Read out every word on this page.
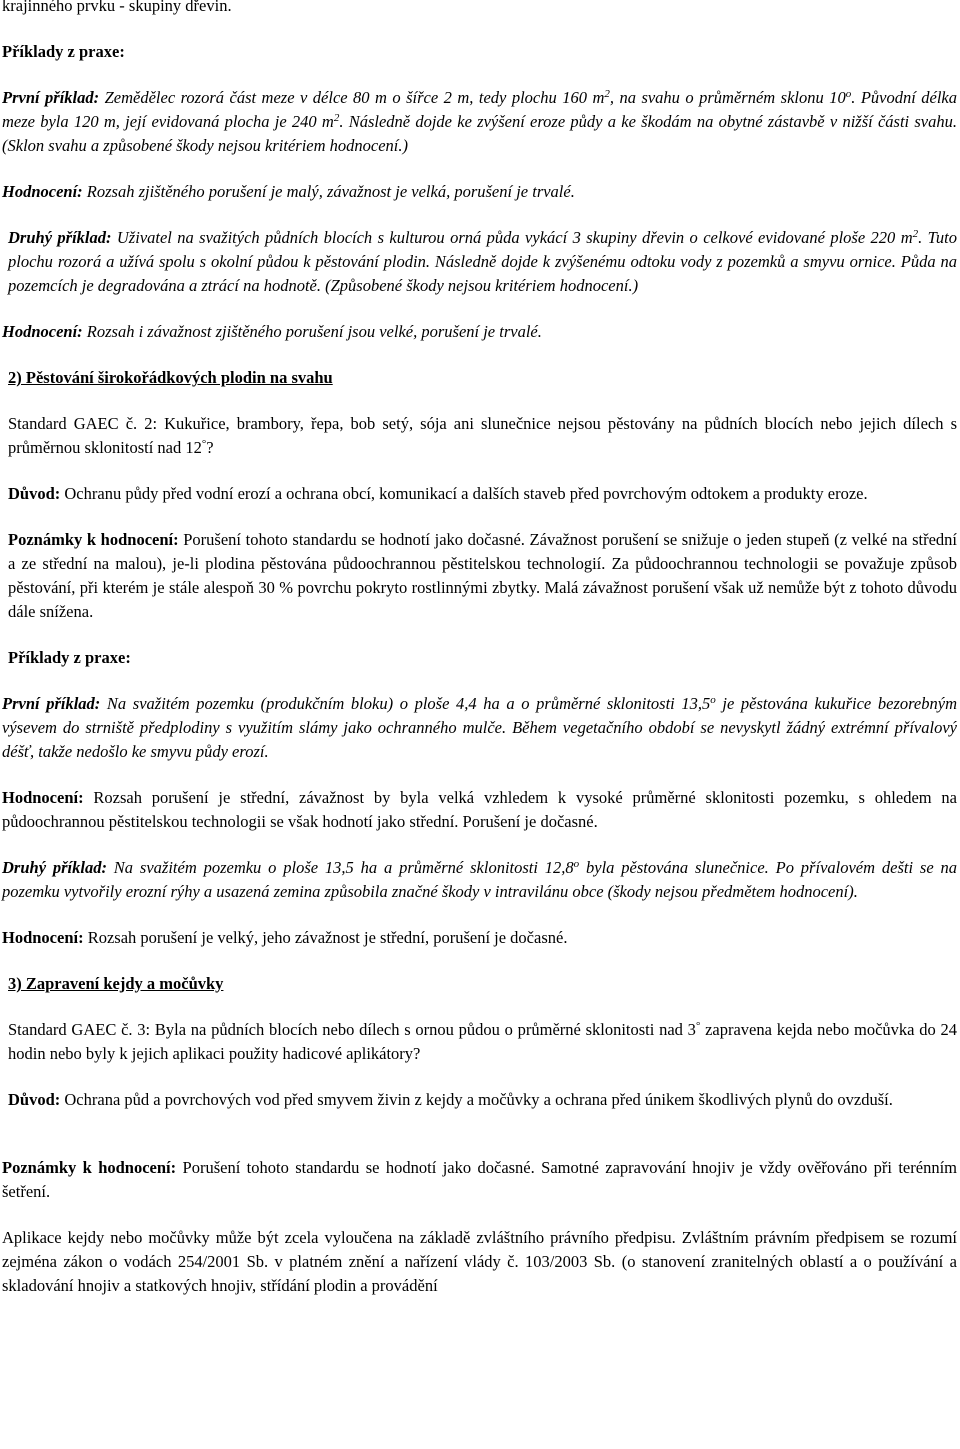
krajinného prvku - skupiny dřevin.

Příklady z praxe:

První příklad: Zemědělec rozorá část meze v délce 80 m o šířce 2 m, tedy plochu 160 $m^2$, na svahu o průměrném sklonu 10$^o$. Původní délka meze byla 120 m, její evidovaná plocha je 240 $m^2$. Následně dojde ke zvýšení eroze půdy a ke škodám na obytné zástavbě v nižší části svahu. (Sklon svahu a způsobené škody nejsou kritériem hodnocení.)

Hodnocení: Rozsah zjištěného porušení je malý, závažnost je velká, porušení je trvalé.

Druhý příklad: Uživatel na svažitých půdních blocích s kulturou orná půda vykácí 3 skupiny dřevin o celkové evidované ploše 220 $m^2$. Tuto plochu rozorá a užívá spolu s okolní půdou k pěstování plodin. Následně dojde k zvýšenému odtoku vody z pozemků a smyvu ornice. Půda na pozemcích je degradována a ztrácí na hodnotě. (Způsobené škody nejsou kritériem hodnocení.)

Hodnocení: Rozsah i závažnost zjištěného porušení jsou velké, porušení je trvalé.

2) Pěstování širokořádkových plodin na svahu

Standard GAEC č. 2: Kukuřice, brambory, řepa, bob setý, sója ani slunečnice nejsou pěstovány na půdních blocích nebo jejich dílech s průměrnou sklonitostí nad 12°?

Důvod: Ochranu půdy před vodní erozí a ochrana obcí, komunikací a dalších staveb před povrchovým odtokem a produkty eroze.

Poznámky k hodnocení: Porušení tohoto standardu se hodnotí jako dočasné. Závažnost porušení se snižuje o jeden stupeň (z velké na střední a ze střední na malou), je-li plodina pěstována půdoochrannou pěstitelskou technologií. Za půdoochrannou technologii se považuje způsob pěstování, při kterém je stále alespoň 30 % povrchu pokryto rostlinnými zbytky. Malá závažnost porušení však už nemůže být z tohoto důvodu dále snížena.

Příklady z praxe:

První příklad: Na svažitém pozemku (produkčním bloku) o ploše 4,4 ha a o průměrné sklonitosti 13,5$^o$ je pěstována kukuřice bezorebným výsevem do strniště předplodiny s využitím slámy jako ochranného mulče. Během vegetačního období se nevyskytl žádný extrémní přívalový déšť, takže nedošlo ke smyvu půdy erozí.

Hodnocení: Rozsah porušení je střední, závažnost by byla velká vzhledem k vysoké průměrné sklonitosti pozemku, s ohledem na půdoochrannou pěstitelskou technologii se však hodnotí jako střední. Porušení je dočasné.

Druhý příklad: Na svažitém pozemku o ploše 13,5 ha a průměrné sklonitosti 12,8$^o$ byla pěstována slunečnice. Po přívalovém dešti se na pozemku vytvořily erozní rýhy a usazená zemina způsobila značné škody v intravilánu obce (škody nejsou předmětem hodnocení).

Hodnocení: Rozsah porušení je velký, jeho závažnost je střední, porušení je dočasné.

3) Zapravení kejdy a močůvky

Standard GAEC č. 3: Byla na půdních blocích nebo dílech s ornou půdou o průměrné sklonitosti nad 3° zapravena kejda nebo močůvka do 24 hodin nebo byly k jejich aplikaci použity hadicové aplikátory?

Důvod: Ochrana půd a povrchových vod před smyvem živin z kejdy a močůvky a ochrana před únikem škodlivých plynů do ovzduší.

Poznámky k hodnocení: Porušení tohoto standardu se hodnotí jako dočasné. Samotné zapravování hnojiv je vždy ověřováno při terénním šetření.

Aplikace kejdy nebo močůvky může být zcela vyloučena na základě zvláštního právního předpisu. Zvláštním právním předpisem se rozumí zejména zákon o vodách 254/2001 Sb. v platném znění a nařízení vlády č. 103/2003 Sb. (o stanovení zranitelných oblastí a o používání a skladování hnojiv a statkových hnojiv, střídání plodin a provádění
